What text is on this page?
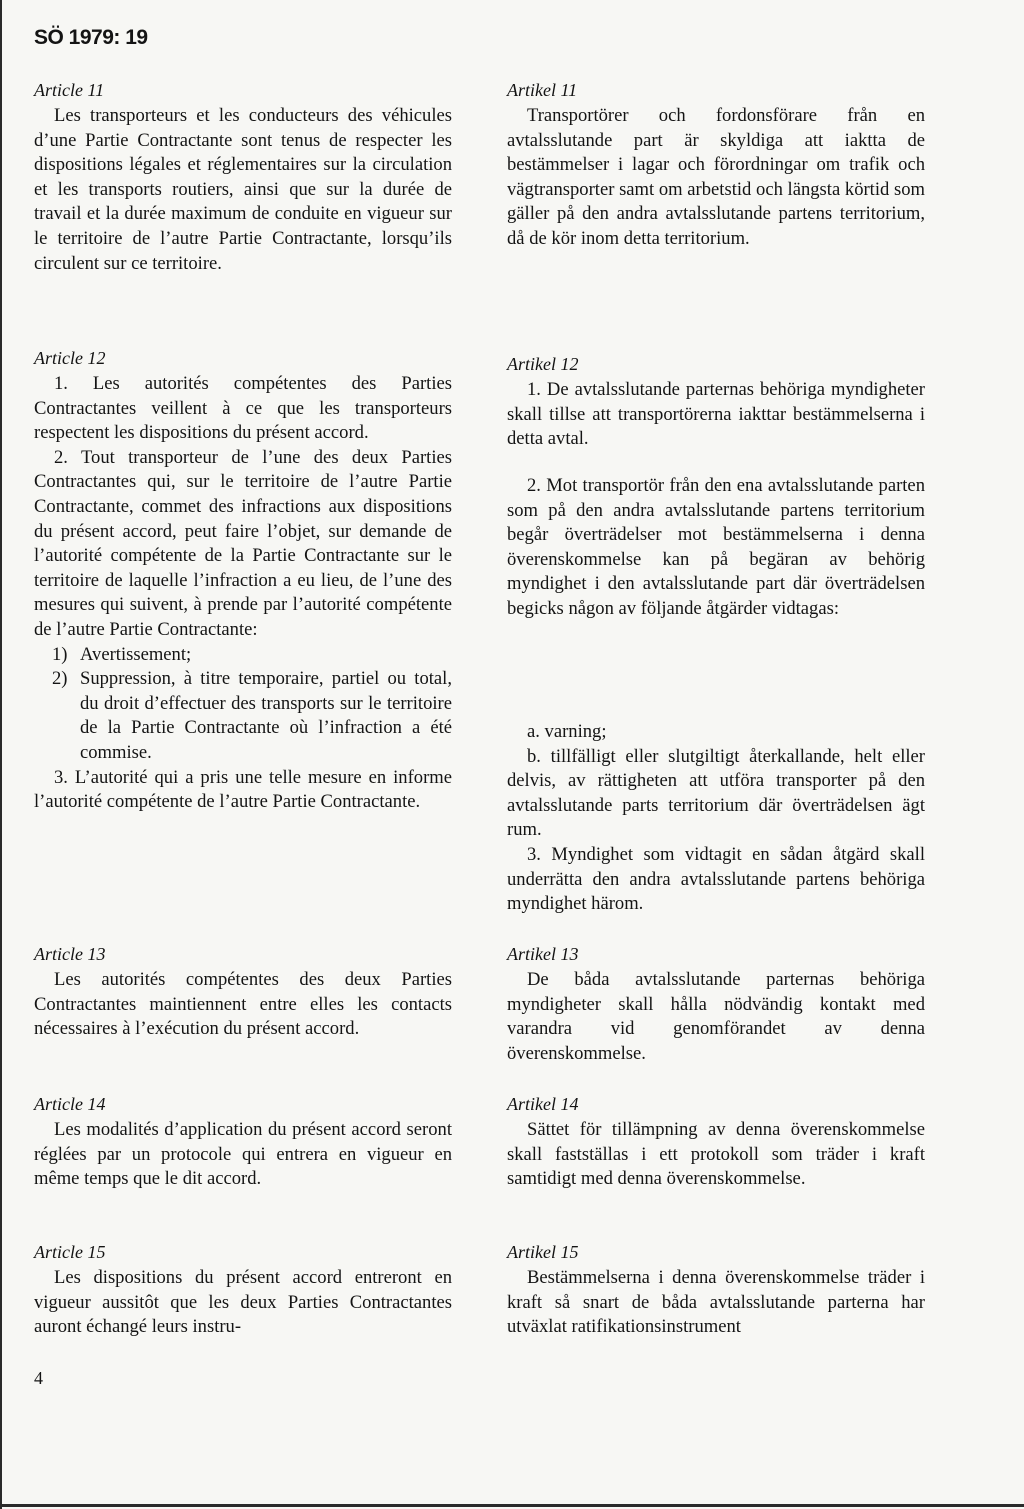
SÖ 1979: 19
Article 11

Les transporteurs et les conducteurs des véhicules d’une Partie Contractante sont tenus de respecter les dispositions légales et réglementaires sur la circulation et les transports routiers, ainsi que sur la durée de travail et la durée maximum de conduite en vigueur sur le territoire de l’autre Partie Contractante, lorsqu’ils circulent sur ce territoire.

Article 12

1. Les autorités compétentes des Parties Contractantes veillent à ce que les transporteurs respectent les dispositions du présent accord.

2. Tout transporteur de l’une des deux Parties Contractantes qui, sur le territoire de l’autre Partie Contractante, commet des infractions aux dispositions du présent accord, peut faire l’objet, sur demande de l’autorité compétente de la Partie Contractante sur le territoire de laquelle l’infraction a eu lieu, de l’une des mesures qui suivent, à prende par l’autorité compétente de l’autre Partie Contractante:

1) Avertissement;
2) Suppression, à titre temporaire, partiel ou total, du droit d’effectuer des transports sur le territoire de la Partie Contractante où l’infraction a été commise.

3. L’autorité qui a pris une telle mesure en informe l’autorité compétente de l’autre Partie Contractante.

Article 13

Les autorités compétentes des deux Parties Contractantes maintiennent entre elles les contacts nécessaires à l’exécution du présent accord.

Article 14

Les modalités d’application du présent accord seront réglées par un protocole qui entrera en vigueur en même temps que le dit accord.

Article 15

Les dispositions du présent accord entreront en vigueur aussitôt que les deux Parties Contractantes auront échangé leurs instru-

Artikel 11

Transportörer och fordonsförare från en avtalsslutande part är skyldiga att iaktta de bestämmelser i lagar och förordningar om trafik och vägtransporter samt om arbetstid och längsta körtid som gäller på den andra avtalsslutande partens territorium, då de kör inom detta territorium.

Artikel 12

1. De avtalsslutande parternas behöriga myndigheter skall tillse att transportörerna iakttar bestämmelserna i detta avtal.

2. Mot transportör från den ena avtalsslutande parten som på den andra avtalsslutande partens territorium begår överträdelser mot bestämmelserna i denna överenskommelse kan på begäran av behörig myndighet i den avtalsslutande part där överträdelsen begicks någon av följande åtgärder vidtagas:

a. varning;

b. tillfälligt eller slutgiltigt återkallande, helt eller delvis, av rättigheten att utföra transporter på den avtalsslutande parts territorium där överträdelsen ägt rum.

3. Myndighet som vidtagit en sådan åtgärd skall underrätta den andra avtalsslutande partens behöriga myndighet härom.

Artikel 13

De båda avtalsslutande parternas behöriga myndigheter skall hålla nödvändig kontakt med varandra vid genomförandet av denna överenskommelse.

Artikel 14

Sättet för tillämpning av denna överenskommelse skall fastställas i ett protokoll som träder i kraft samtidigt med denna överenskommelse.

Artikel 15

Bestämmelserna i denna överenskommelse träder i kraft så snart de båda avtalsslutande parterna har utväxlat ratifikationsinstrument

4
